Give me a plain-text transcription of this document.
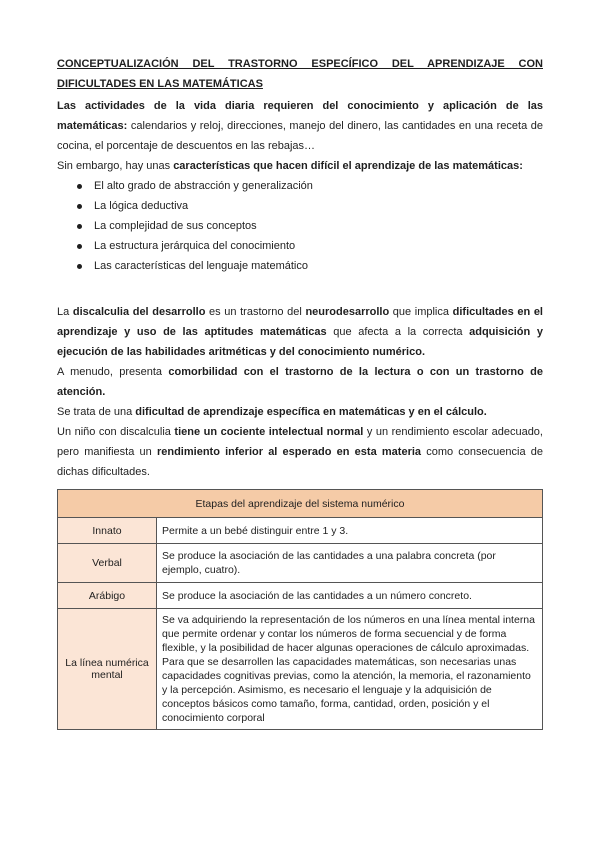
CONCEPTUALIZACIÓN DEL TRASTORNO ESPECÍFICO DEL APRENDIZAJE CON
DIFICULTADES EN LAS MATEMÁTICAS

Las actividades de la vida diaria requieren del conocimiento y aplicación de las matemáticas: calendarios y reloj, direcciones, manejo del dinero, las cantidades en una receta de cocina, el porcentaje de descuentos en las rebajas…

Sin embargo, hay unas características que hacen difícil el aprendizaje de las matemáticas:

El alto grado de abstracción y generalización
La lógica deductiva
La complejidad de sus conceptos
La estructura jerárquica del conocimiento
Las características del lenguaje matemático

La discalculia del desarrollo es un trastorno del neurodesarrollo que implica dificultades en el aprendizaje y uso de las aptitudes matemáticas que afecta a la correcta adquisición y ejecución de las habilidades aritméticas y del conocimiento numérico.

A menudo, presenta comorbilidad con el trastorno de la lectura o con un trastorno de atención.

Se trata de una dificultad de aprendizaje específica en matemáticas y en el cálculo.

Un niño con discalculia tiene un cociente intelectual normal y un rendimiento escolar adecuado, pero manifiesta un rendimiento inferior al esperado en esta materia como consecuencia de dichas dificultades.

Etapas del aprendizaje del sistema numérico	
Innato	Permite a un bebé distinguir entre 1 y 3.
Verbal	Se produce la asociación de las cantidades a una palabra concreta (por ejemplo, cuatro).
Arábigo	Se produce la asociación de las cantidades a un número concreto.
La línea numérica mental	Se va adquiriendo la representación de los números en una línea mental interna que permite ordenar y contar los números de forma secuencial y de forma flexible, y la posibilidad de hacer algunas operaciones de cálculo aproximadas.
Para que se desarrollen las capacidades matemáticas, son necesarias unas capacidades cognitivas previas, como la atención, la memoria, el razonamiento y la percepción. Asimismo, es necesario el lenguaje y la adquisición de conceptos básicos como tamaño, forma, cantidad, orden, posición y el conocimiento corporal
